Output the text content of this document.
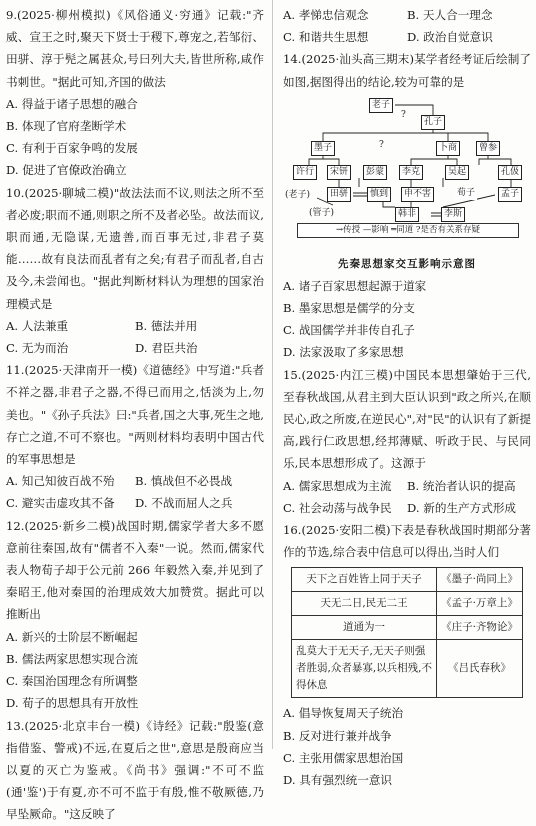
9.(2025·柳州模拟)《风俗通义·穷通》记载:"齐威、宣王之时,聚天下贤士于稷下,尊宠之,若邹衍、田骈、淳于髡之属甚众,号曰列大夫,皆世所称,咸作书刺世。"据此可知,齐国的做法

A. 得益于诸子思想的融合

B. 体现了官府垄断学术

C. 有利于百家争鸣的发展

D. 促进了官僚政治确立

10.(2025·聊城二模)"故法法而不议,则法之所不至者必废;职而不通,则职之所不及者必坠。故法而议,职而通,无隐谋,无遗善,而百事无过,非君子莫能……故有良法而乱者有之矣;有君子而乱者,自古及今,未尝闻也。"据此判断材料认为理想的国家治理模式是

A. 人法兼重	B. 德法并用
C. 无为而治	D. 君臣共治

11.(2025·天津南开一模)《道德经》中写道:"兵者不祥之器,非君子之器,不得已而用之,恬淡为上,勿美也。"《孙子兵法》曰:"兵者,国之大事,死生之地,存亡之道,不可不察也。"两则材料均表明中国古代的军事思想是

A. 知己知彼百战不殆	B. 慎战但不必畏战
C. 避实击虚攻其不备	D. 不战而屈人之兵

12.(2025·新乡二模)战国时期,儒家学者大多不愿意前往秦国,故有"儒者不入秦"一说。然而,儒家代表人物荀子却于公元前 266 年毅然入秦,并见到了秦昭王,他对秦国的治理成效大加赞赏。据此可以推断出

A. 新兴的士阶层不断崛起

B. 儒法两家思想实现合流

C. 秦国治国理念有所调整

D. 荀子的思想具有开放性

13.(2025·北京丰台一模)《诗经》记载:"殷鉴(意指借鉴、警戒)不远,在夏后之世",意思是殷商应当以夏的灭亡为鉴戒。《尚书》强调:"不可不监(通'鉴')于有夏,亦不可不监于有殷,惟不敬厥德,乃早坠厥命。"这反映了

A. 孝悌忠信观念	B. 天人合一理念
C. 和谐共生思想	D. 政治自觉意识

14.(2025·汕头高三期末)某学者经考证后绘制了如图,据图得出的结论,较为可靠的是

老子
孔子
?
墨子	卜商	曾参
?
许行	宋钘	彭蒙	李克	吴起	孔伋
田骈	慎到	申不害	孟子
荀子
韩非	李斯
(老子)
(管子)
→传授 —影响 ═同道 ?是否有关系存疑

先秦思想家交互影响示意图

A. 诸子百家思想起源于道家

B. 墨家思想是儒学的分支

C. 战国儒学并非传自孔子

D. 法家汲取了多家思想

15.(2025·内江三模)中国民本思想肇始于三代,至春秋战国,从君主到大臣认识到"政之所兴,在顺民心,政之所废,在逆民心",对"民"的认识有了新提高,践行仁政思想,经邦薄赋、听政于民、与民同乐,民本思想形成了。这源于

A. 儒家思想成为主流	B. 统治者认识的提高
C. 社会动荡与战争民	D. 新的生产方式形成

16.(2025·安阳二模)下表是春秋战国时期部分著作的节选,综合表中信息可以得出,当时人们

天下之百姓皆上同于天子	《墨子·尚同上》
天无二日,民无二王	《孟子·万章上》
道通为一	《庄子·齐物论》
乱莫大于无天子,无天子则强者胜弱,众者暴寡,以兵相残,不得休息	《吕氏春秋》

A. 倡导恢复周天子统治

B. 反对进行兼并战争

C. 主张用儒家思想治国

D. 具有强烈统一意识
